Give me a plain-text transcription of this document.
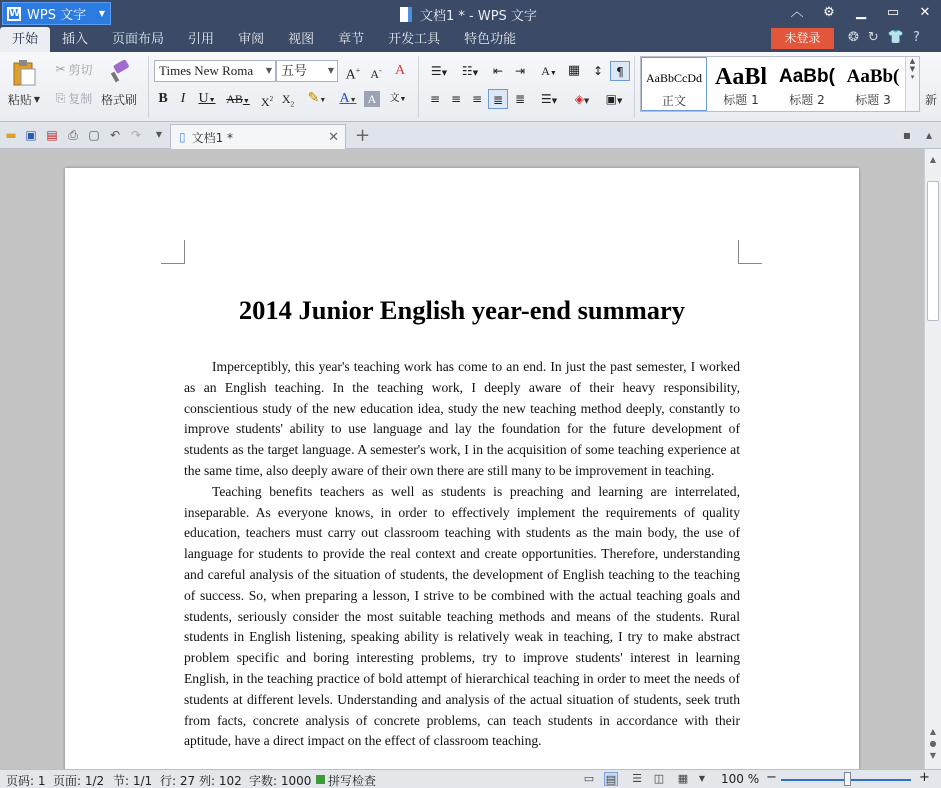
W WPS 文字 ▼	文档1 * - WPS 文字	︿	⚙	▁	▭	✕
开始	插入	页面布局	引用	审阅	视图	章节	开发工具	特色功能	未登录	❂ ↻ 👕 ?
粘贴 ▼
✂ 剪切
⎘ 复制 格式刷
Times New Roma ▼ 五号	▼ A+ A- A
B I U▼ AB▼ $X^2$ $X_2$ ✎▼ A▼ A	文▼
☰▼	☷▼	⇤ ⇥	A▼ ▦	↕	¶
≡ ≡ ≡ ≣ ≣	☰▼	◈▼	▣▼
AaBbCcDd
正文
AaBl
标题 1
AaBb(
标题 2
AaBb(
标题 3
▲
▼
▾
新
▬ ▣ ▤ ⎙ ▢ ↶ ↷	▼	▯ 文档1 *	✕ +	▪	▴
2014 Junior English year-end summary

Imperceptibly, this year's teaching work has come to an end. In just the past semester, I worked as an English teaching. In the teaching work, I deeply aware of their heavy responsibility, conscientious study of the new education idea, study the new teaching method deeply, constantly to improve students' ability to use language and lay the foundation for the future development of students as the target language. A semester's work, I in the acquisition of some teaching experience at the same time, also deeply aware of their own there are still many to be improvement in teaching.

Teaching benefits teachers as well as students is preaching and learning are interrelated, inseparable. As everyone knows, in order to effectively implement the requirements of quality education, teachers must carry out classroom teaching with students as the main body, the use of language for students to provide the real context and create opportunities. Therefore, understanding and careful analysis of the situation of students, the development of English teaching to the teaching of success. So, when preparing a lesson, I strive to be combined with the actual teaching goals and students, seriously consider the most suitable teaching methods and means of the students. Rural students in English listening, speaking ability is relatively weak in teaching, I try to make abstract problem specific and boring interesting problems, try to improve students' interest in learning English, in the teaching practice of bold attempt of hierarchical teaching in order to meet the needs of students at different levels. Understanding and analysis of the actual situation of students, seek truth from facts, concrete analysis of concrete problems, can teach students in accordance with their aptitude, have a direct impact on the effect of classroom teaching.

▲
▲
●
▼
页码: 1 页面: 1/2 节: 1/1 行: 27 列: 102 字数: 1000 拼写检查	▭ ▤ ☰ ◫ ▦	▼	100 % −	+
